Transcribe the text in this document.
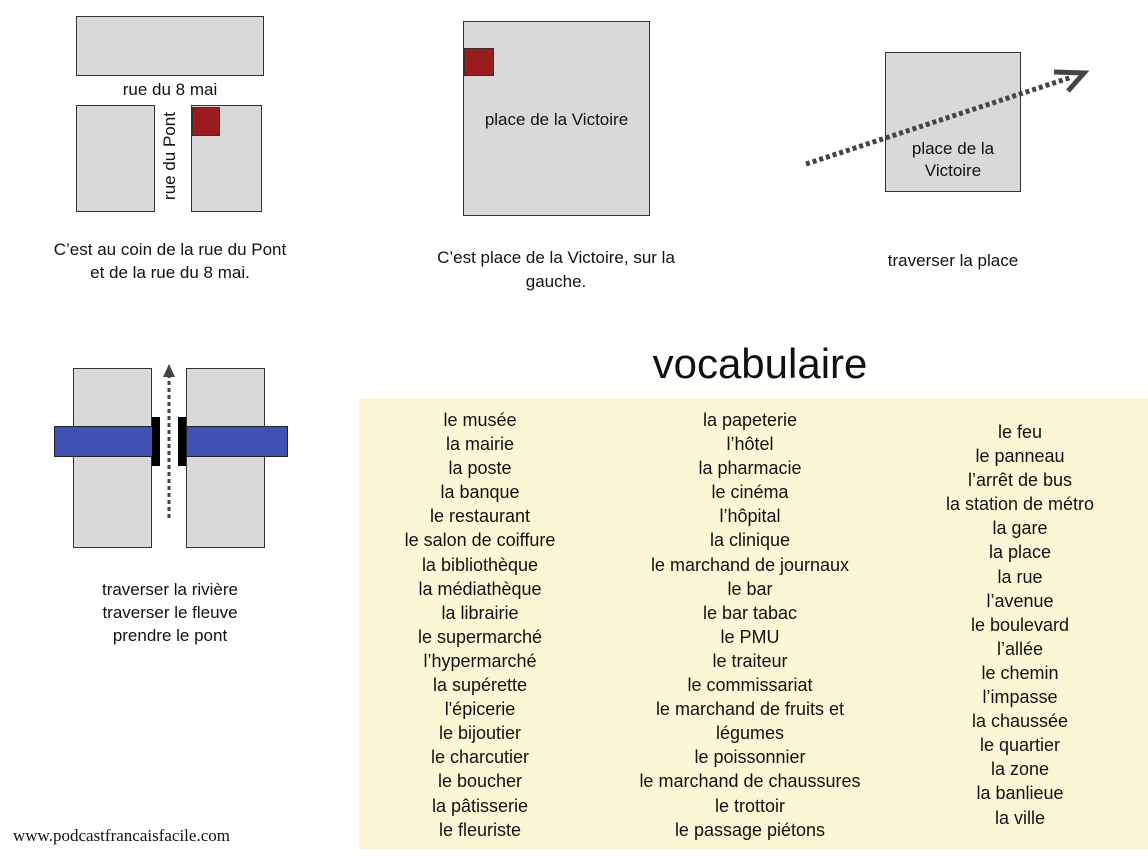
rue du 8 mai
rue du Pont
C’est au coin de la rue du Pont
et de la rue du 8 mai.
place de la Victoire
C’est place de la Victoire, sur la
gauche.
place de la
Victoire
traverser la place
traverser la rivière
traverser le fleuve
prendre le pont
vocabulaire
le musée
la mairie
la poste
la banque
le restaurant
le salon de coiffure
la bibliothèque
la médiathèque
la librairie
le supermarché
l’hypermarché
la supérette
l'épicerie
le bijoutier
le charcutier
le boucher
la pâtisserie
le fleuriste
la papeterie
l’hôtel
la pharmacie
le cinéma
l’hôpital
la clinique
le marchand de journaux
le bar
le bar tabac
le PMU
le traiteur
le commissariat
le marchand de fruits et
légumes
le poissonnier
le marchand de chaussures
le trottoir
le passage piétons
le feu
le panneau
l’arrêt de bus
la station de métro
la gare
la place
la rue
l’avenue
le boulevard
l’allée
le chemin
l’impasse
la chaussée
le quartier
la zone
la banlieue
la ville
www.podcastfrancaisfacile.com
